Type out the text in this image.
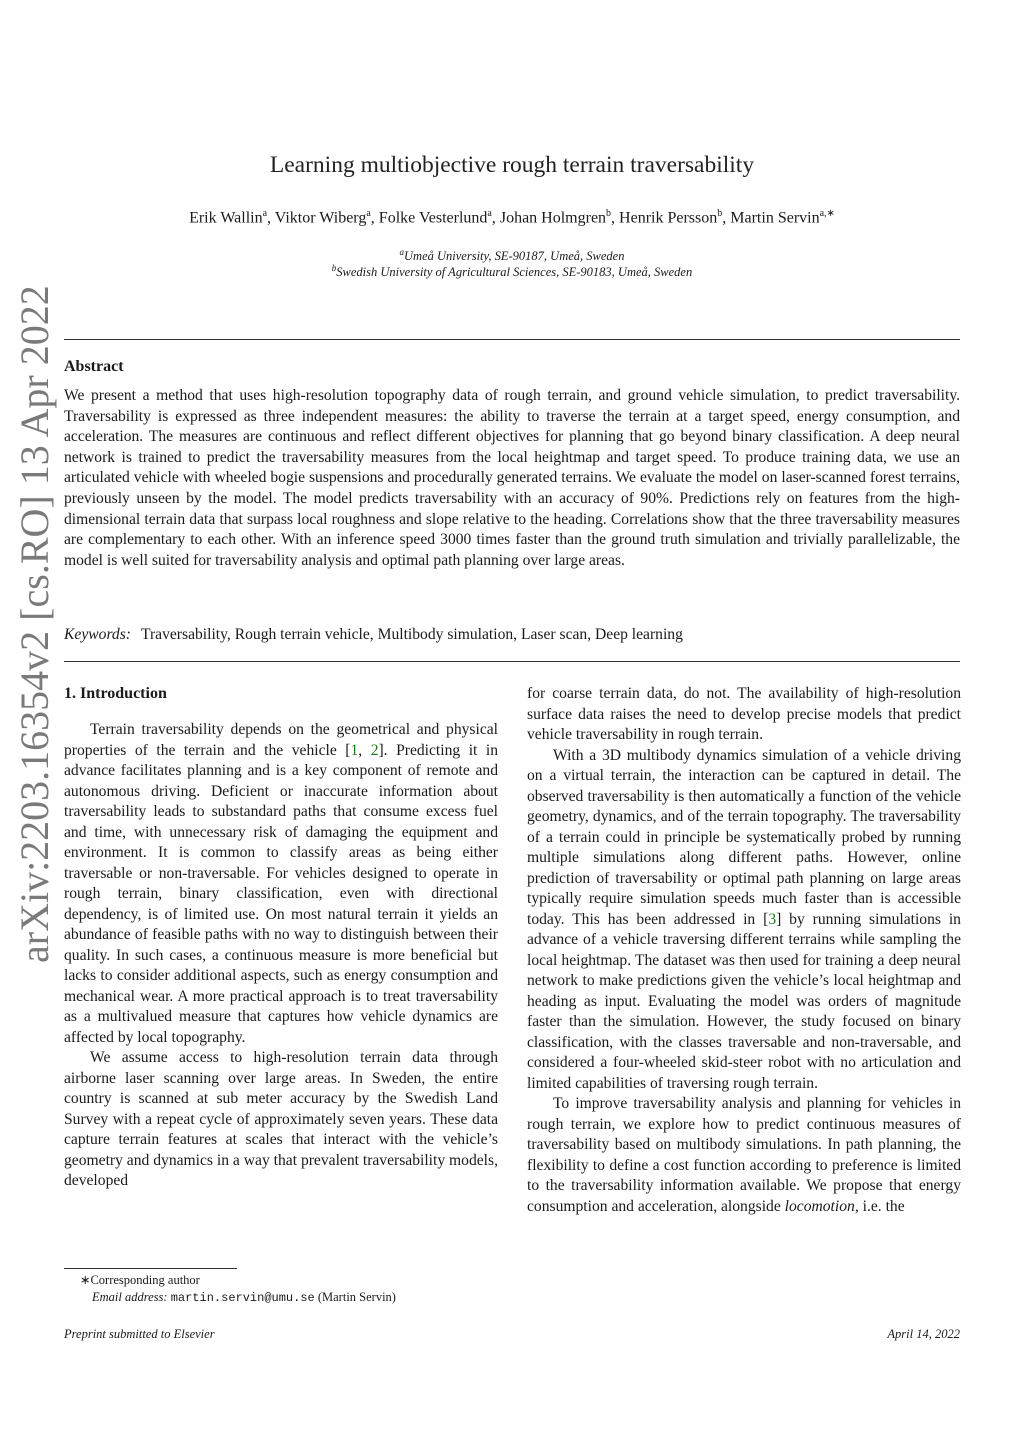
arXiv:2203.16354v2 [cs.RO] 13 Apr 2022
Learning multiobjective rough terrain traversability
Erik Wallin$^a$, Viktor Wiberg$^a$, Folke Vesterlund$^a$, Johan Holmgren$^b$, Henrik Persson$^b$, Martin Servin$^{a,∗}$
$^a$Umeå University, SE-90187, Umeå, Sweden
$^b$Swedish University of Agricultural Sciences, SE-90183, Umeå, Sweden
Abstract
We present a method that uses high-resolution topography data of rough terrain, and ground vehicle simulation, to predict traversability. Traversability is expressed as three independent measures: the ability to traverse the terrain at a target speed, energy consumption, and acceleration. The measures are continuous and reflect different objectives for planning that go beyond binary classification. A deep neural network is trained to predict the traversability measures from the local heightmap and target speed. To produce training data, we use an articulated vehicle with wheeled bogie suspensions and procedurally generated terrains. We evaluate the model on laser-scanned forest terrains, previously unseen by the model. The model predicts traversability with an accuracy of 90%. Predictions rely on features from the high-dimensional terrain data that surpass local roughness and slope relative to the heading. Correlations show that the three traversability measures are complementary to each other. With an inference speed 3000 times faster than the ground truth simulation and trivially parallelizable, the model is well suited for traversability analysis and optimal path planning over large areas.
Keywords: Traversability, Rough terrain vehicle, Multibody simulation, Laser scan, Deep learning
1. Introduction

Terrain traversability depends on the geometrical and physical properties of the terrain and the vehicle [1, 2]. Predicting it in advance facilitates planning and is a key component of remote and autonomous driving. Deficient or inaccurate information about traversability leads to substandard paths that consume excess fuel and time, with unnecessary risk of damaging the equipment and environment. It is common to classify areas as being either traversable or non-traversable. For vehicles designed to operate in rough terrain, binary classification, even with directional dependency, is of limited use. On most natural terrain it yields an abundance of feasible paths with no way to distinguish between their quality. In such cases, a continuous measure is more beneficial but lacks to consider additional aspects, such as energy consumption and mechanical wear. A more practical approach is to treat traversability as a multivalued measure that captures how vehicle dynamics are affected by local topography.

We assume access to high-resolution terrain data through airborne laser scanning over large areas. In Sweden, the entire country is scanned at sub meter accuracy by the Swedish Land Survey with a repeat cycle of approximately seven years. These data capture terrain features at scales that interact with the vehicle’s geometry and dynamics in a way that prevalent traversability models, developed

for coarse terrain data, do not. The availability of high-resolution surface data raises the need to develop precise models that predict vehicle traversability in rough terrain.

With a 3D multibody dynamics simulation of a vehicle driving on a virtual terrain, the interaction can be captured in detail. The observed traversability is then automatically a function of the vehicle geometry, dynamics, and of the terrain topography. The traversability of a terrain could in principle be systematically probed by running multiple simulations along different paths. However, online prediction of traversability or optimal path planning on large areas typically require simulation speeds much faster than is accessible today. This has been addressed in [3] by running simulations in advance of a vehicle traversing different terrains while sampling the local heightmap. The dataset was then used for training a deep neural network to make predictions given the vehicle’s local heightmap and heading as input. Evaluating the model was orders of magnitude faster than the simulation. However, the study focused on binary classification, with the classes traversable and non-traversable, and considered a four-wheeled skid-steer robot with no articulation and limited capabilities of traversing rough terrain.

To improve traversability analysis and planning for vehicles in rough terrain, we explore how to predict continuous measures of traversability based on multibody simulations. In path planning, the flexibility to define a cost function according to preference is limited to the traversability information available. We propose that energy consumption and acceleration, alongside locomotion, i.e. the

∗Corresponding author
Email address: martin.servin@umu.se (Martin Servin)
Preprint submitted to Elsevier	April 14, 2022
